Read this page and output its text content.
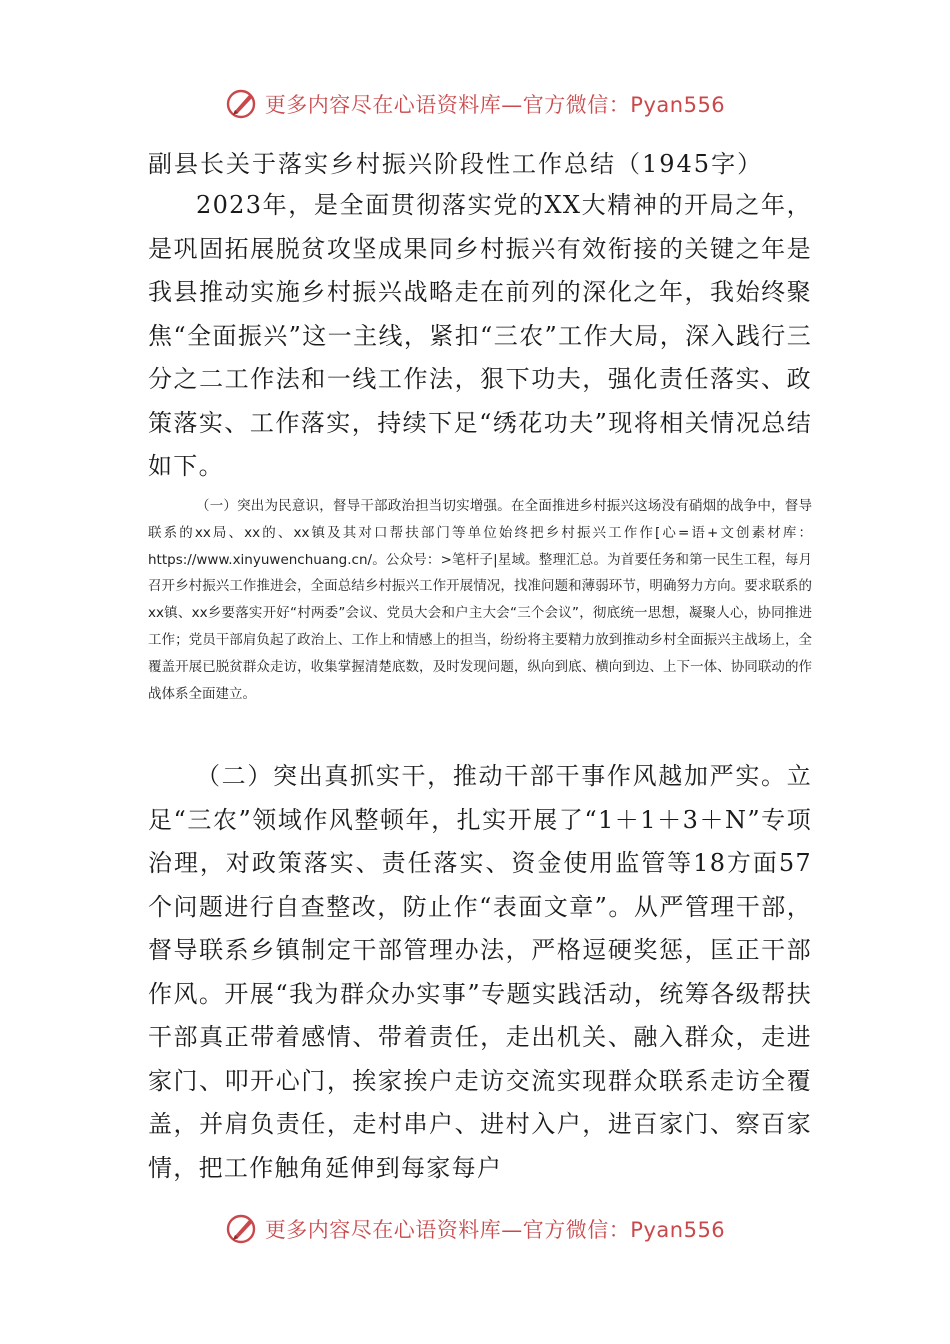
更多内容尽在心语资料库—官方微信：Pyan556
副县长关于落实乡村振兴阶段性工作总结（1945字）

2023年，是全面贯彻落实党的XX大精神的开局之年，是巩固拓展脱贫攻坚成果同乡村振兴有效衔接的关键之年是我县推动实施乡村振兴战略走在前列的深化之年，我始终聚焦“全面振兴”这一主线，紧扣“三农”工作大局，深入践行三分之二工作法和一线工作法，狠下功夫，强化责任落实、政策落实、工作落实，持续下足“绣花功夫”现将相关情况总结如下。

（一）突出为民意识，督导干部政治担当切实增强。在全面推进乡村振兴这场没有硝烟的战争中，督导联系的xx局、xx的、xx镇及其对口帮扶部门等单位始终把乡村振兴工作作[心=语+文创素材库：https://www.xinyuwenchuang.cn/。公众号：>笔杆子|星域。整理汇总。为首要任务和第一民生工程，每月召开乡村振兴工作推进会，全面总结乡村振兴工作开展情况，找准问题和薄弱环节，明确努力方向。要求联系的xx镇、xx乡要落实开好“村两委”会议、党员大会和户主大会“三个会议”，彻底统一思想，凝聚人心，协同推进工作；党员干部肩负起了政治上、工作上和情感上的担当，纷纷将主要精力放到推动乡村全面振兴主战场上，全覆盖开展已脱贫群众走访，收集掌握清楚底数，及时发现问题，纵向到底、横向到边、上下一体、协同联动的作战体系全面建立。

（二）突出真抓实干，推动干部干事作风越加严实。立足“三农”领域作风整顿年，扎实开展了“1＋1＋3＋N”专项治理，对政策落实、责任落实、资金使用监管等18方面57个问题进行自查整改，防止作“表面文章”。从严管理干部，督导联系乡镇制定干部管理办法，严格逗硬奖惩，匡正干部作风。开展“我为群众办实事”专题实践活动，统筹各级帮扶干部真正带着感情、带着责任，走出机关、融入群众，走进家门、叩开心门，挨家挨户走访交流实现群众联系走访全覆盖，并肩负责任，走村串户、进村入户，进百家门、察百家情，把工作触角延伸到每家每户

更多内容尽在心语资料库—官方微信：Pyan556
